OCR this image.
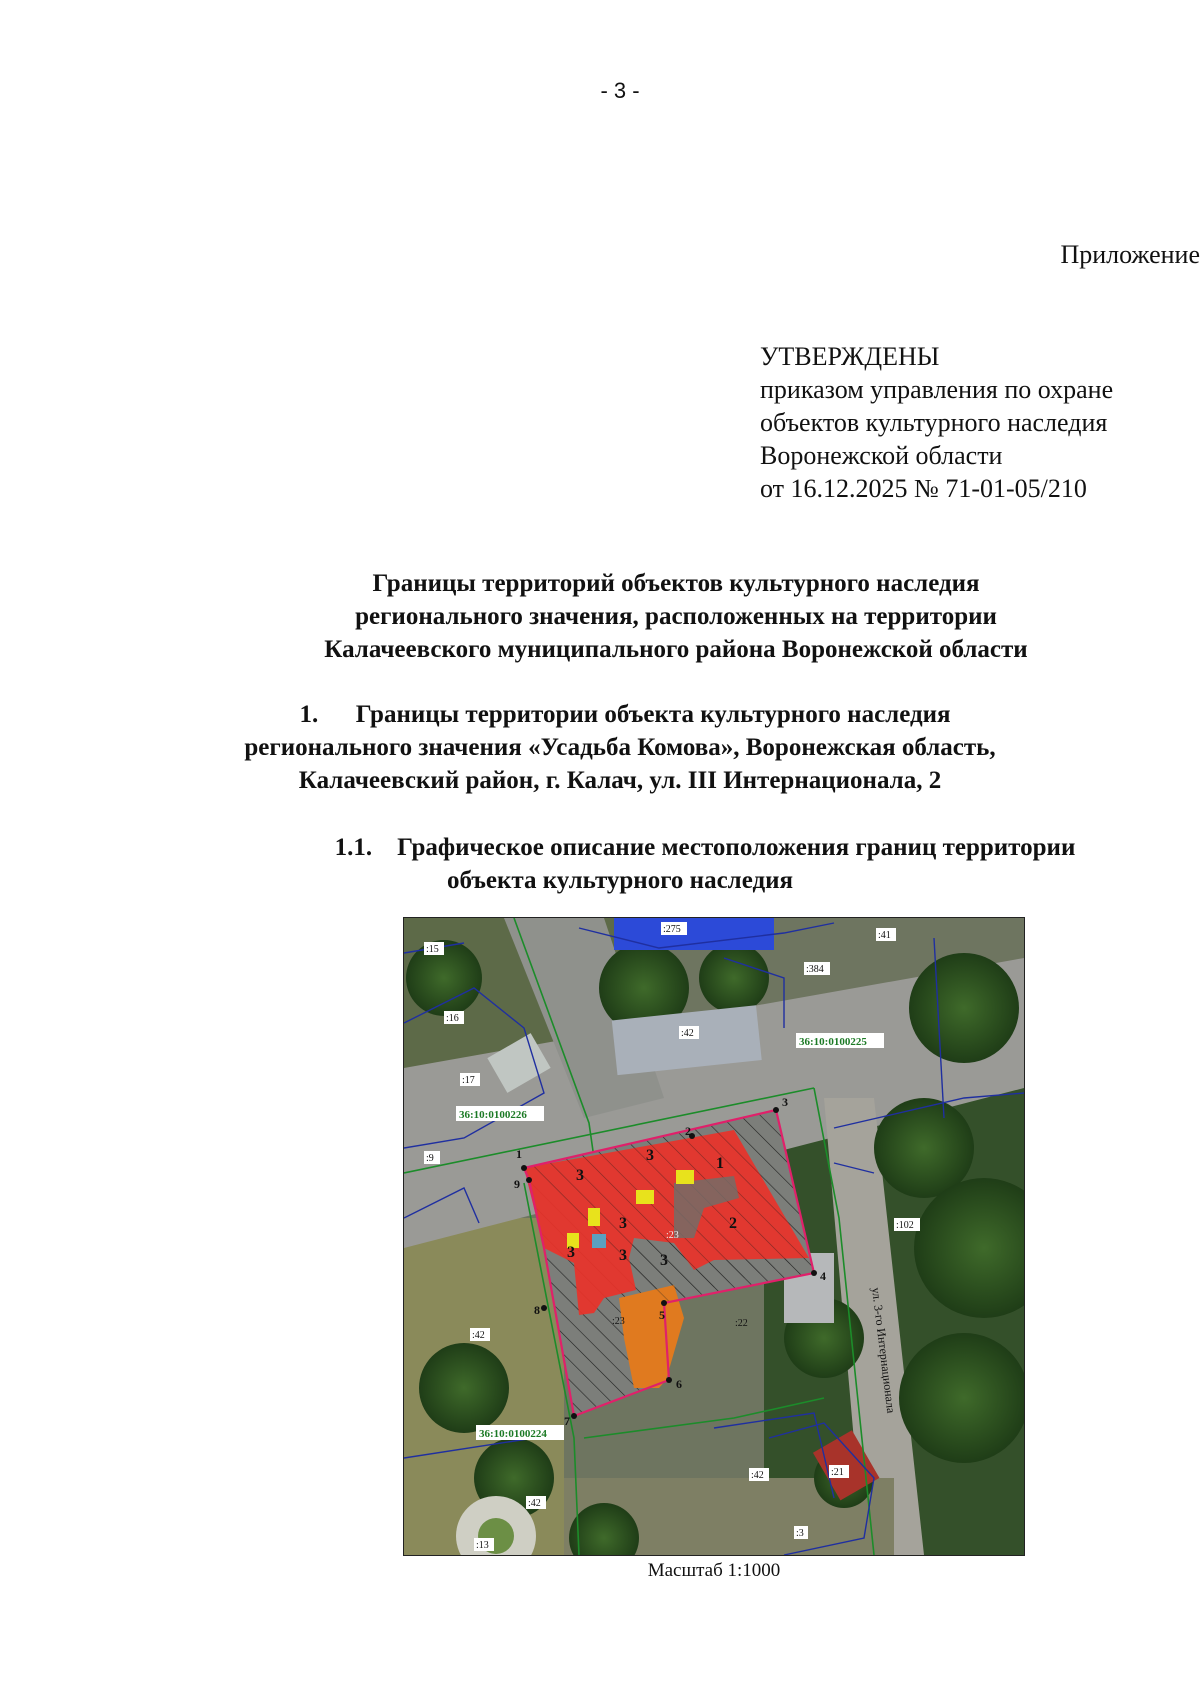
- 3 -
Приложение
УТВЕРЖДЕНЫ
приказом управления по охране
объектов культурного наследия
Воронежской области
от 16.12.2025 № 71-01-05/210
Границы территорий объектов культурного наследия
регионального значения, расположенных на территории
Калачеевского муниципального района Воронежской области
1.      Границы территории объекта культурного наследия
регионального значения «Усадьба Комова», Воронежская область,
Калачеевский район, г. Калач, ул. III Интернационала, 2
1.1.    Графическое описание местоположения границ территории
объекта культурного наследия
1
2
3
3
3
3	3 3
1
2
3
4
5
6
7
8
9
36:10:0100225
36:10:0100226
36:10:0100224
:15
:16
:17
:9
:42
:42
:42
:42
:275
:384
:41
:102
:21
:3
:13
:22
:23
:23	ул. 3-го Интернационала
Масштаб 1:1000
